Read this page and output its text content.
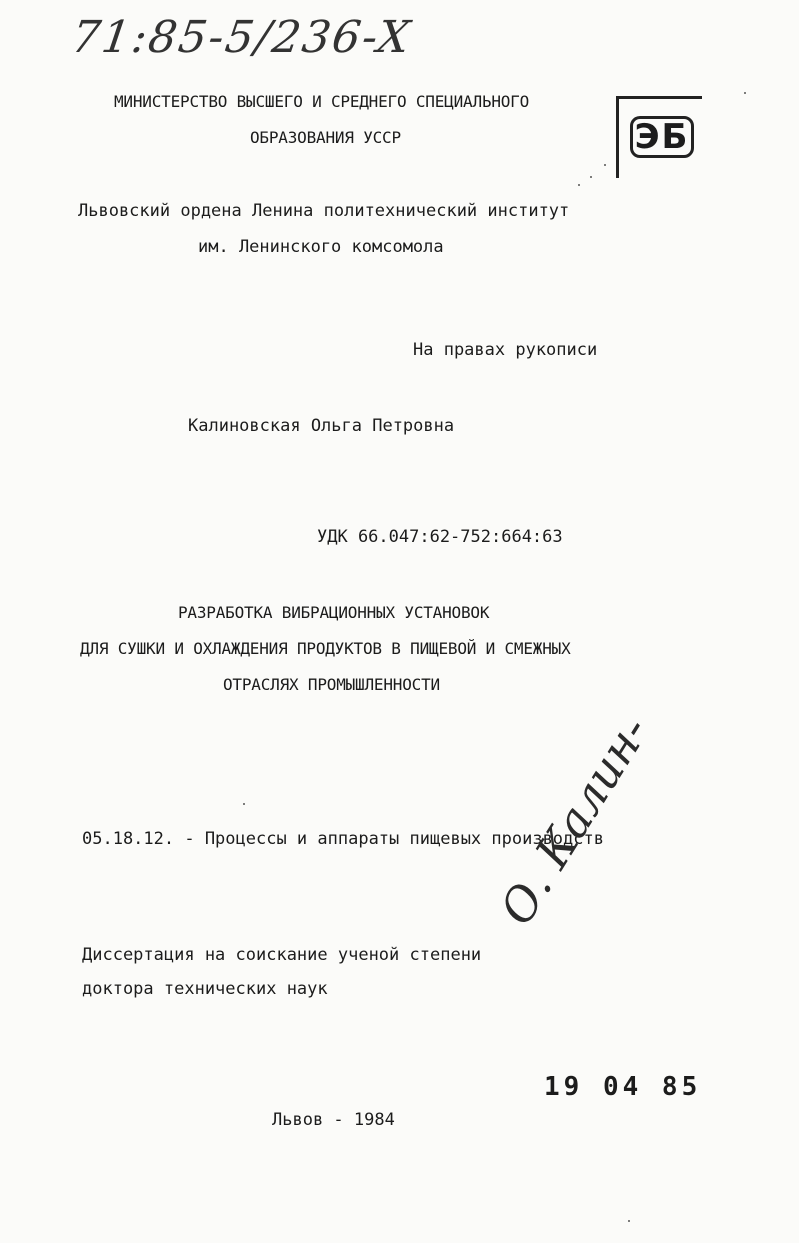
71:85-5/236-X
ЭБ
МИНИСТЕРСТВО ВЫСШЕГО И СРЕДНЕГО СПЕЦИАЛЬНОГО
ОБРАЗОВАНИЯ УССР
Львовский ордена Ленина политехнический институт
им. Ленинского комсомола
На правах рукописи
Калиновская Ольга Петровна
УДК 66.047:62-752:664:63
РАЗРАБОТКА ВИБРАЦИОННЫХ УСТАНОВОК
ДЛЯ СУШКИ И ОХЛАЖДЕНИЯ ПРОДУКТОВ В ПИЩЕВОЙ И СМЕЖНЫХ
ОТРАСЛЯХ ПРОМЫШЛЕННОСТИ
05.18.12. - Процессы и аппараты пищевых производств
Диссертация на соискание ученой степени
доктора технических наук
О. Калин-
19 04 85
Львов - 1984
